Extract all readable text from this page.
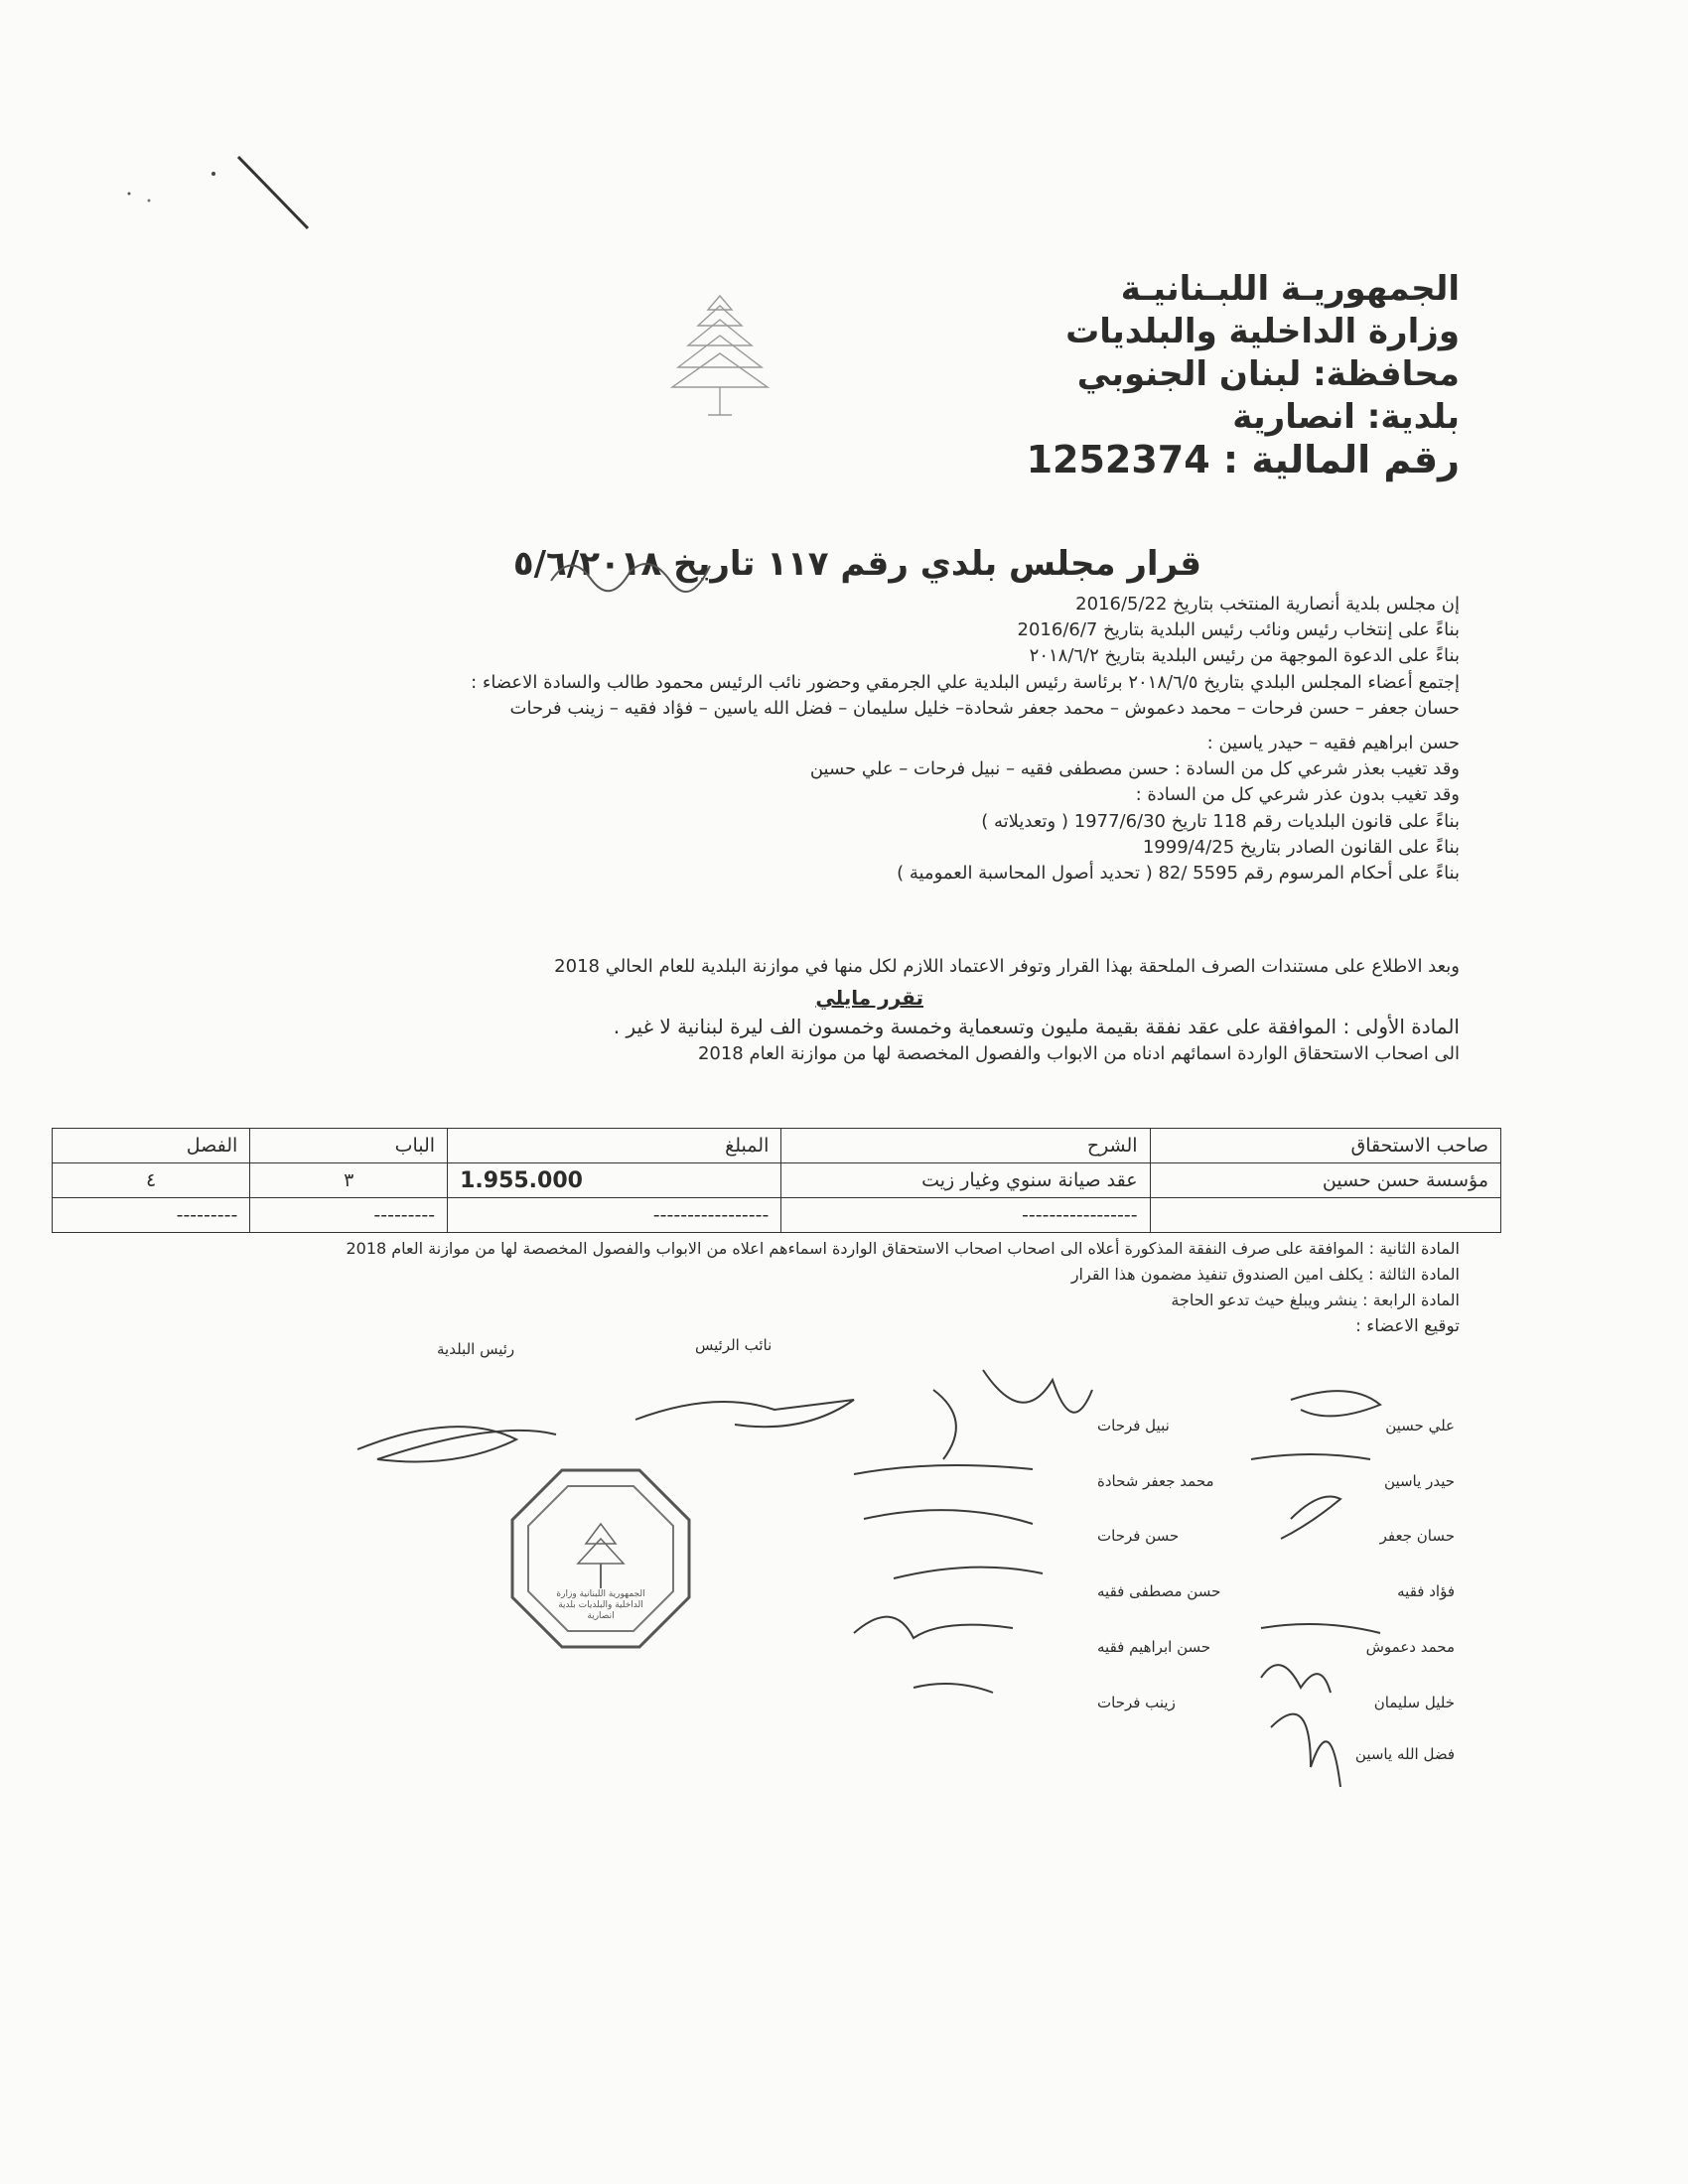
الجمهوريـة اللبـنانيـة
وزارة الداخلية والبلديات
محافظة: لبنان الجنوبي
بلدية: انصارية
رقم المالية : 1252374
قرار مجلس بلدي رقم ١١٧ تاريخ ٥/٦/٢٠١٨
إن مجلس بلدية أنصارية المنتخب بتاريخ 2016/5/22
بناءً على إنتخاب رئيس ونائب رئيس البلدية بتاريخ 2016/6/7
بناءً على الدعوة الموجهة من رئيس البلدية بتاريخ ٢٠١٨/٦/٢
إجتمع أعضاء المجلس البلدي بتاريخ ٢٠١٨/٦/٥ برئاسة رئيس البلدية علي الجرمقي وحضور نائب الرئيس محمود طالب والسادة الاعضاء :
حسان جعفر – حسن فرحات – محمد دعموش – محمد جعفر شحادة– خليل سليمان – فضل الله ياسين – فؤاد فقيه – زينب فرحات
حسن ابراهيم فقيه – حيدر ياسين :
وقد تغيب بعذر شرعي كل من السادة : حسن مصطفى فقيه – نبيل فرحات – علي حسين
وقد تغيب بدون عذر شرعي كل من السادة :
بناءً على قانون البلديات رقم 118 تاريخ 1977/6/30 ( وتعديلاته )
بناءً على القانون الصادر بتاريخ 1999/4/25
بناءً على أحكام المرسوم رقم 5595 /82 ( تحديد أصول المحاسبة العمومية )
وبعد الاطلاع على مستندات الصرف الملحقة بهذا القرار وتوفر الاعتماد اللازم لكل منها في موازنة البلدية للعام الحالي 2018
تقرر مايلي
المادة الأولى : الموافقة على عقد نفقة بقيمة مليون وتسعماية وخمسة وخمسون الف ليرة لبنانية لا غير .
الى اصحاب الاستحقاق الواردة اسمائهم ادناه من الابواب والفصول المخصصة لها من موازنة العام 2018
صاحب الاستحقاق	الشرح	المبلغ	الباب	الفصل
مؤسسة حسن حسين	عقد صيانة سنوي وغيار زيت	1.955.000	٣	٤
	-----------------	-----------------	---------	---------
المادة الثانية : الموافقة على صرف النفقة المذكورة أعلاه الى اصحاب اصحاب الاستحقاق الواردة اسماءهم اعلاه من الابواب والفصول المخصصة لها من موازنة العام 2018
المادة الثالثة : يكلف امين الصندوق تنفيذ مضمون هذا القرار
المادة الرابعة : ينشر ويبلغ حيث تدعو الحاجة
توقيع الاعضاء :
رئيس البلدية	نائب الرئيس
علي حسين
حيدر ياسين
حسان جعفر
فؤاد فقيه
محمد دعموش
خليل سليمان
فضل الله ياسين
نبيل فرحات
محمد جعفر شحادة
حسن فرحات
حسن مصطفى فقيه
حسن ابراهيم فقيه
زينب فرحات
الجمهورية اللبنانية وزارة الداخلية والبلديات بلدية انصارية
